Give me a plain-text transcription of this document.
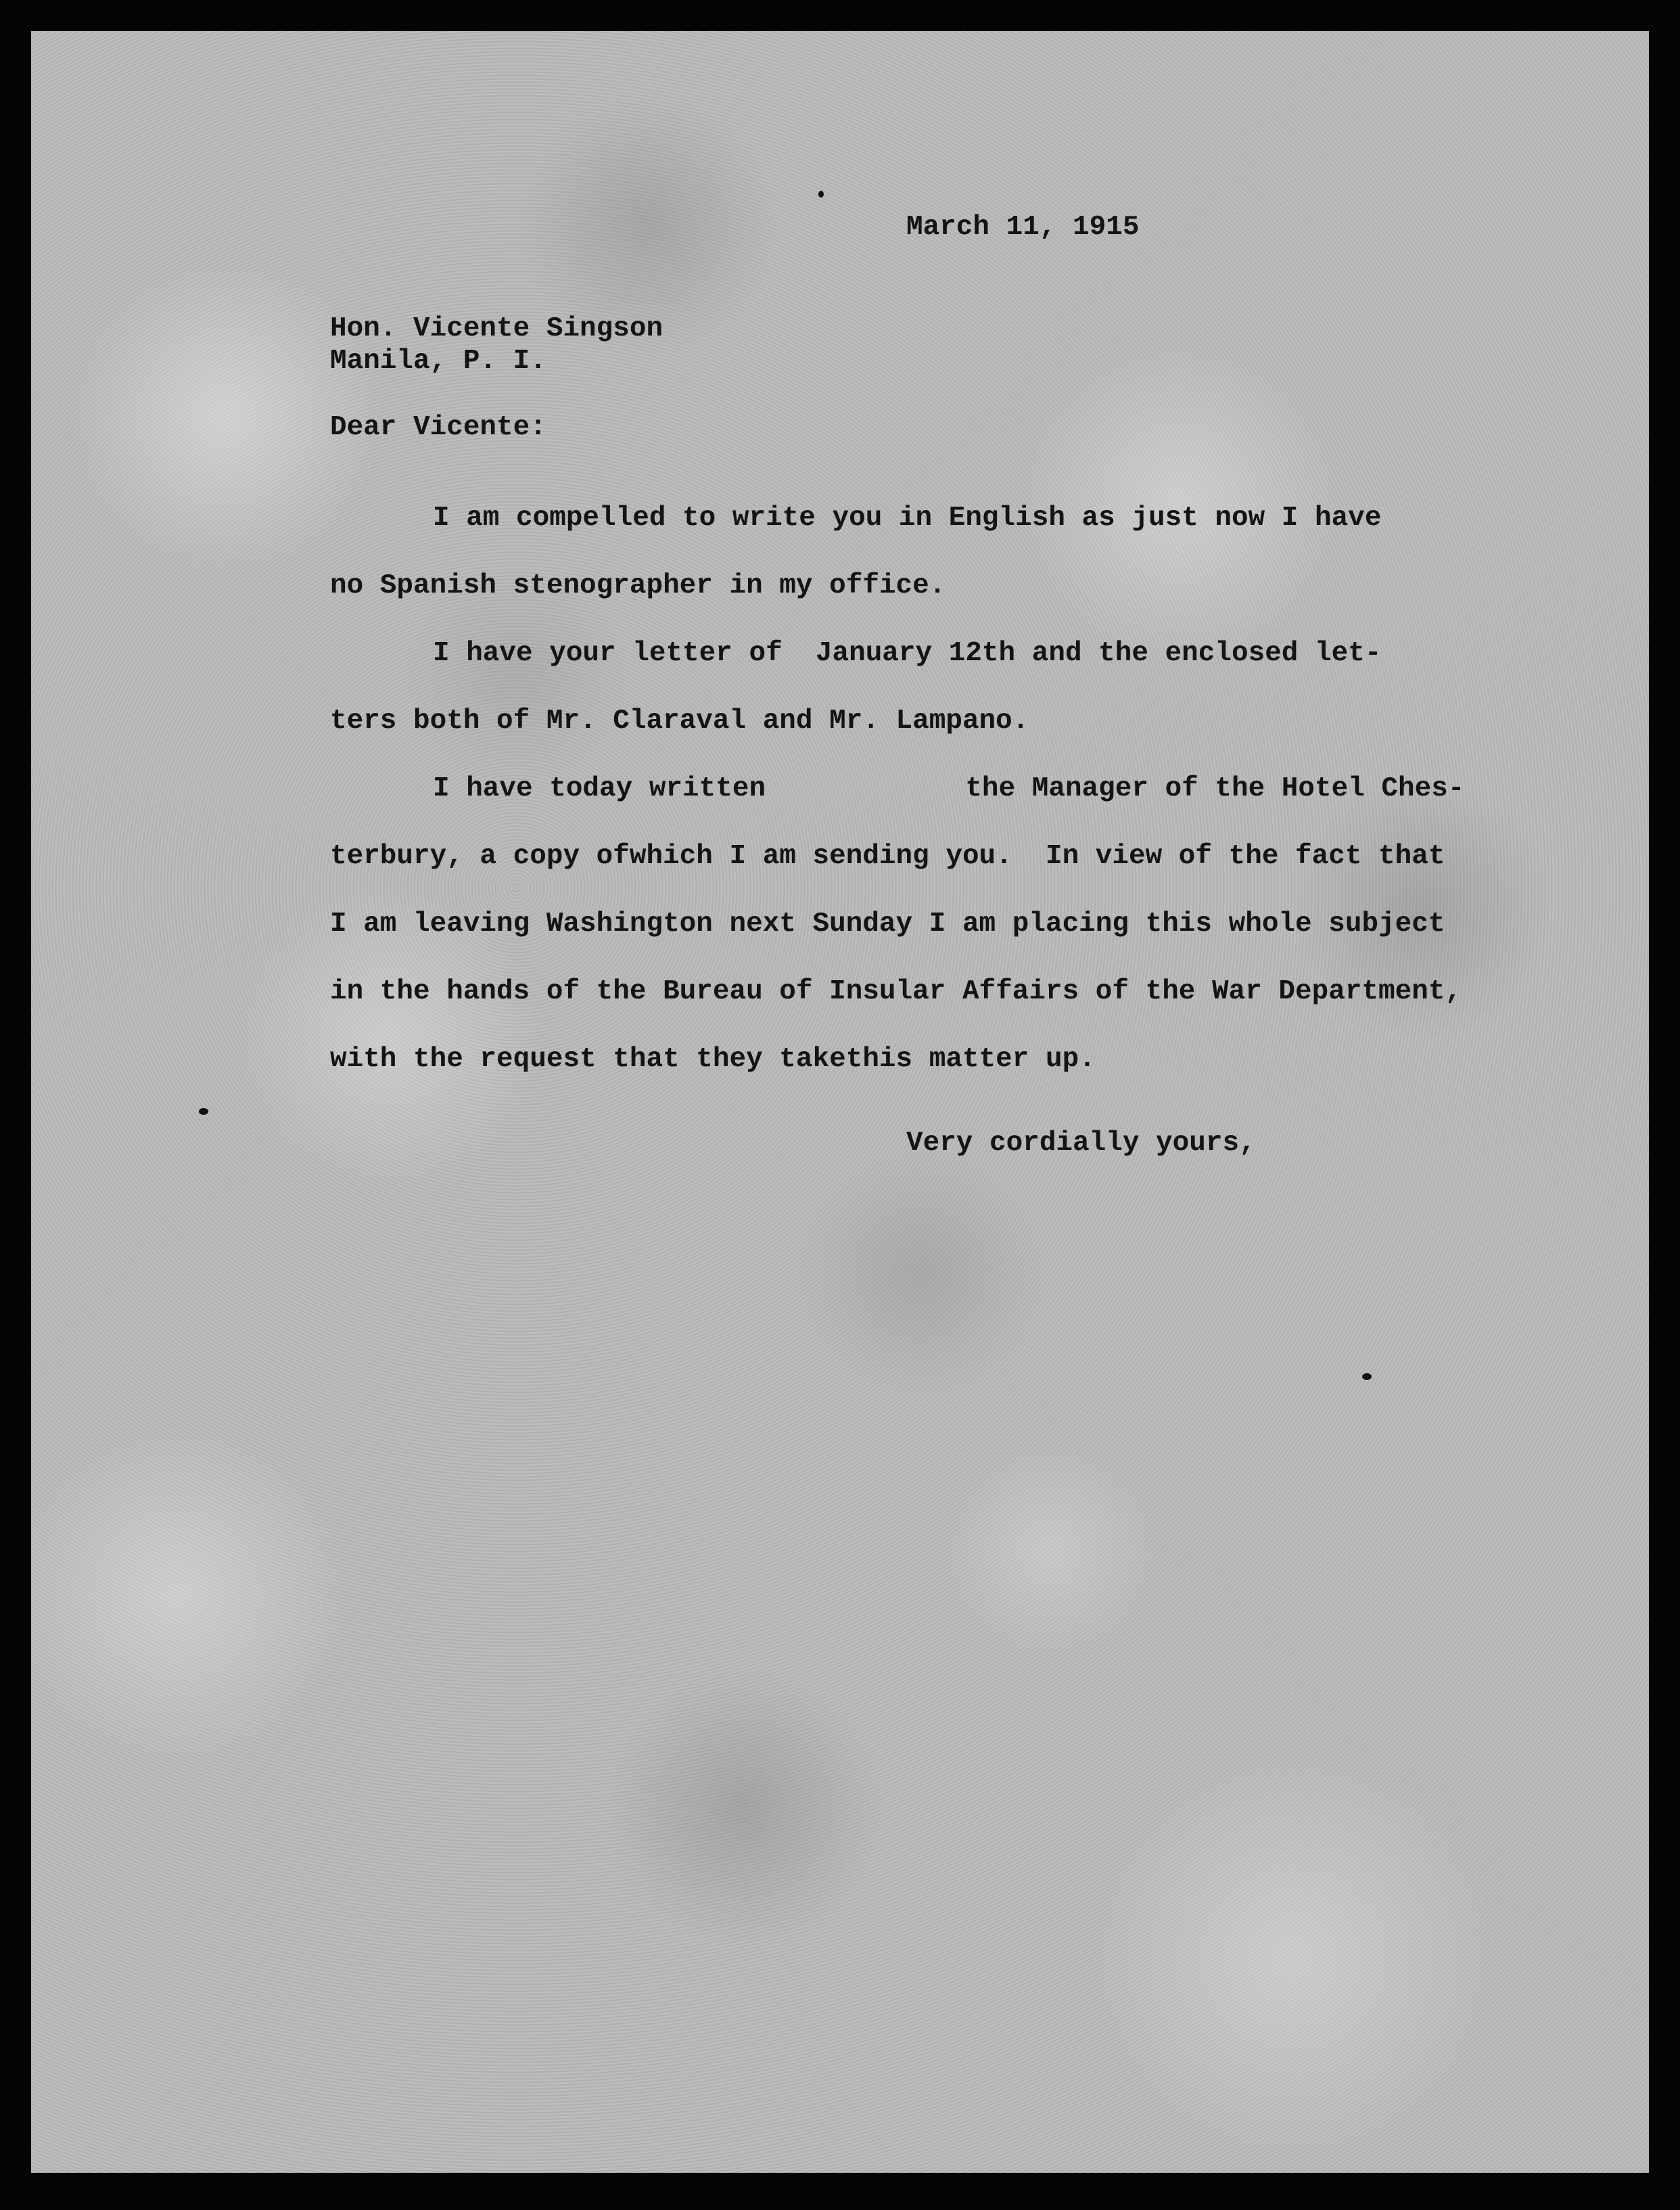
March 11, 1915

Hon. Vicente Singson

Manila, P. I.

Dear Vicente:

I am compelled to write you in English as just now I have

no Spanish stenographer in my office.

I have your letter of  January 12th and the enclosed let-

ters both of Mr. Claraval and Mr. Lampano.

I have today written            the Manager of the Hotel Ches-

terbury, a copy ofwhich I am sending you.  In view of the fact that

I am leaving Washington next Sunday I am placing this whole subject

in the hands of the Bureau of Insular Affairs of the War Department,

with the request that they takethis matter up.

Very cordially yours,
